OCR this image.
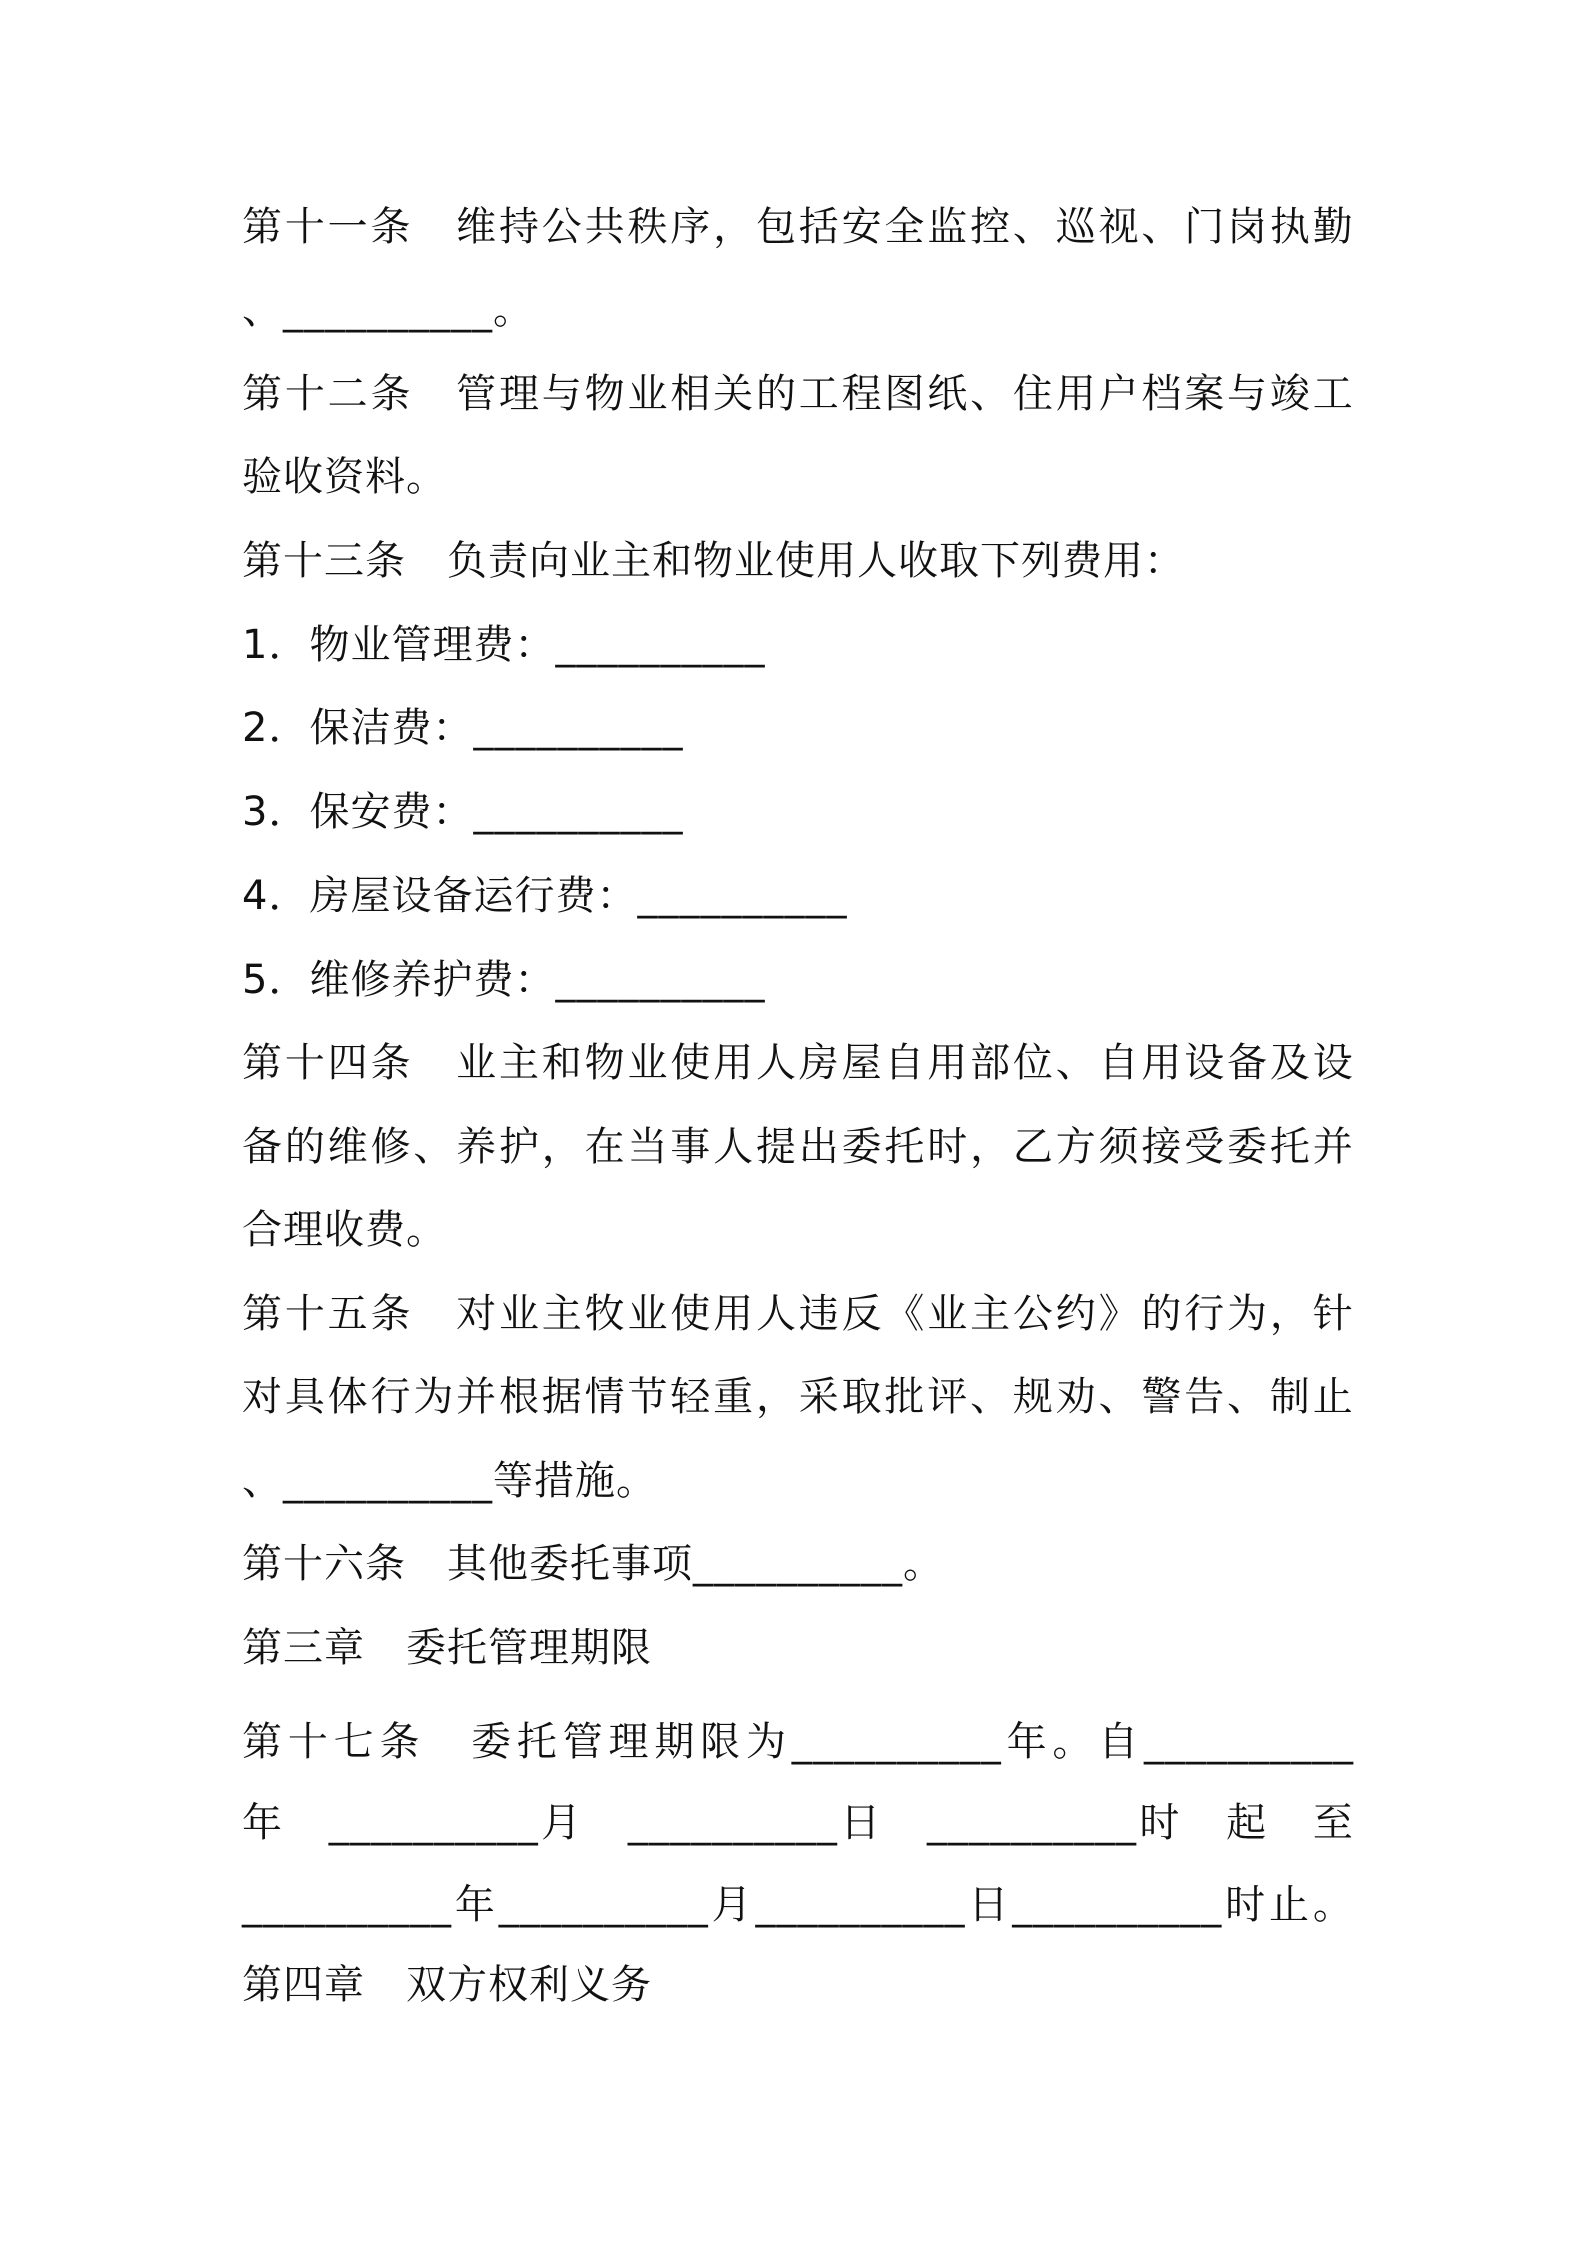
第 十 一 条
　 维 持 公 共 秩 序 ， 包 括 安 全 监 控 、 巡 视 、 门 岗 执 勤
、__________。
第 十 二 条
　 管 理 与 物 业 相 关 的 工 程 图 纸 、 住 用 户 档 案 与 竣 工
验收资料。
第十三条　负责向业主和物业使用人收取下列费用：
1．物业管理费：__________
2．保洁费：__________
3．保安费：__________
4．房屋设备运行费：__________
5．维修养护费：__________
第 十 四 条
　 业 主 和 物 业 使 用 人 房 屋 自 用 部 位 、 自 用 设 备 及 设
备 的 维 修 、 养 护 ， 在 当 事 人 提 出 委 托 时 ， 乙 方 须 接 受 委 托 并
合理收费。
第 十 五 条
　 对 业 主 牧 业 使 用 人 违 反 《 业 主 公 约 》 的 行 为 ， 针
对 具 体 行 为 并 根 据 情 节 轻 重 ， 采 取 批 评 、 规 劝 、 警 告 、 制 止
、__________等措施。
第十六条　其他委托事项__________。
第三章　委托管理期限
第 十 七 条
　 委 托 管 理 期 限 为 __________ 年 。 自 __________
年
　 __________ 月
　 __________ 日
　 __________ 时
　 起
　 至
__________ 年 __________ 月 __________ 日 __________ 时 止 。
第四章　双方权利义务
